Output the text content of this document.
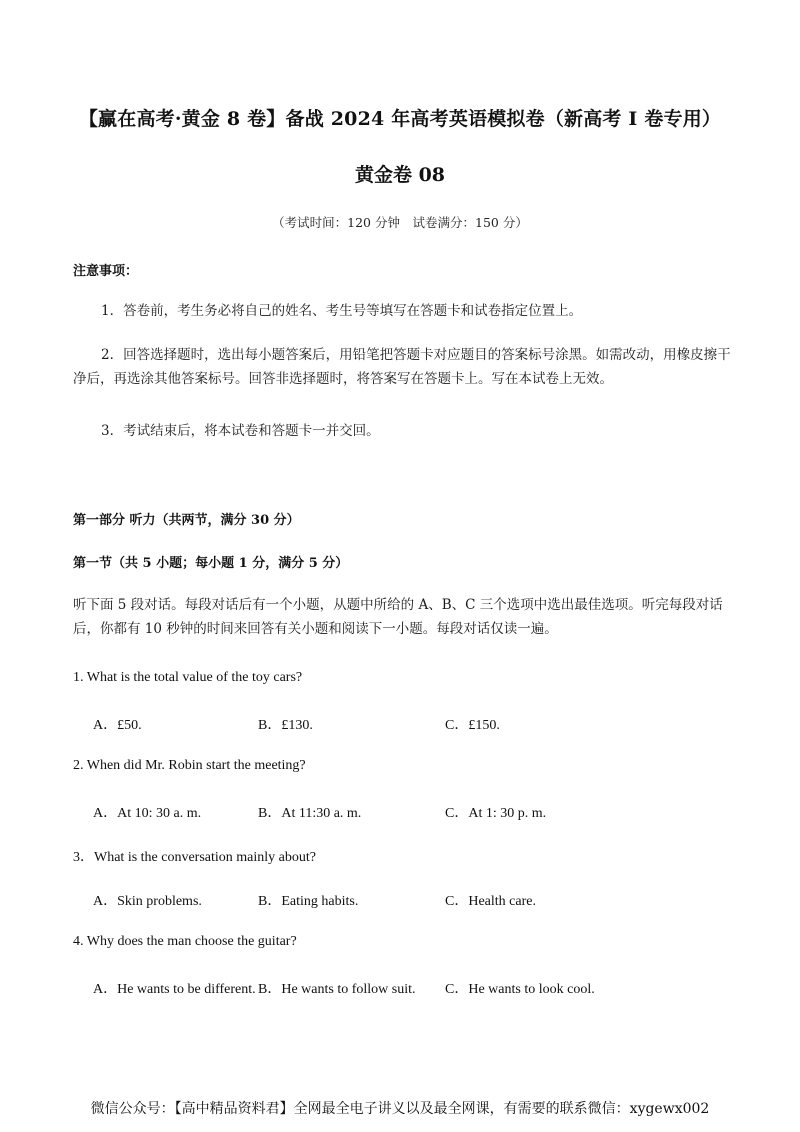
【赢在高考·黄金 8 卷】备战 2024 年高考英语模拟卷（新高考 I 卷专用）
黄金卷 08
（考试时间：120 分钟　试卷满分：150 分）
注意事项：
1．答卷前，考生务必将自己的姓名、考生号等填写在答题卡和试卷指定位置上。
2．回答选择题时，选出每小题答案后，用铅笔把答题卡对应题目的答案标号涂黑。如需改动，用橡皮擦干净后，再选涂其他答案标号。回答非选择题时，将答案写在答题卡上。写在本试卷上无效。
3．考试结束后，将本试卷和答题卡一并交回。
第一部分 听力（共两节，满分 30 分）
第一节（共 5 小题；每小题 1 分，满分 5 分）
听下面 5 段对话。每段对话后有一个小题，从题中所给的 A、B、C 三个选项中选出最佳选项。听完每段对话后，你都有 10 秒钟的时间来回答有关小题和阅读下一小题。每段对话仅读一遍。
1. What is the total value of the toy cars?
A．£50.	B．£130.	C．£150.
2. When did Mr. Robin start the meeting?
A．At 10: 30 a. m.	B．At 11:30 a. m.	C．At 1: 30 p. m.
3．What is the conversation mainly about?
A．Skin problems.	B．Eating habits.	C．Health care.
4. Why does the man choose the guitar?
A．He wants to be different. B．He wants to follow suit. C．He wants to look cool.
微信公众号：【高中精品资料君】全网最全电子讲义以及最全网课，有需要的联系微信：xygewx002
